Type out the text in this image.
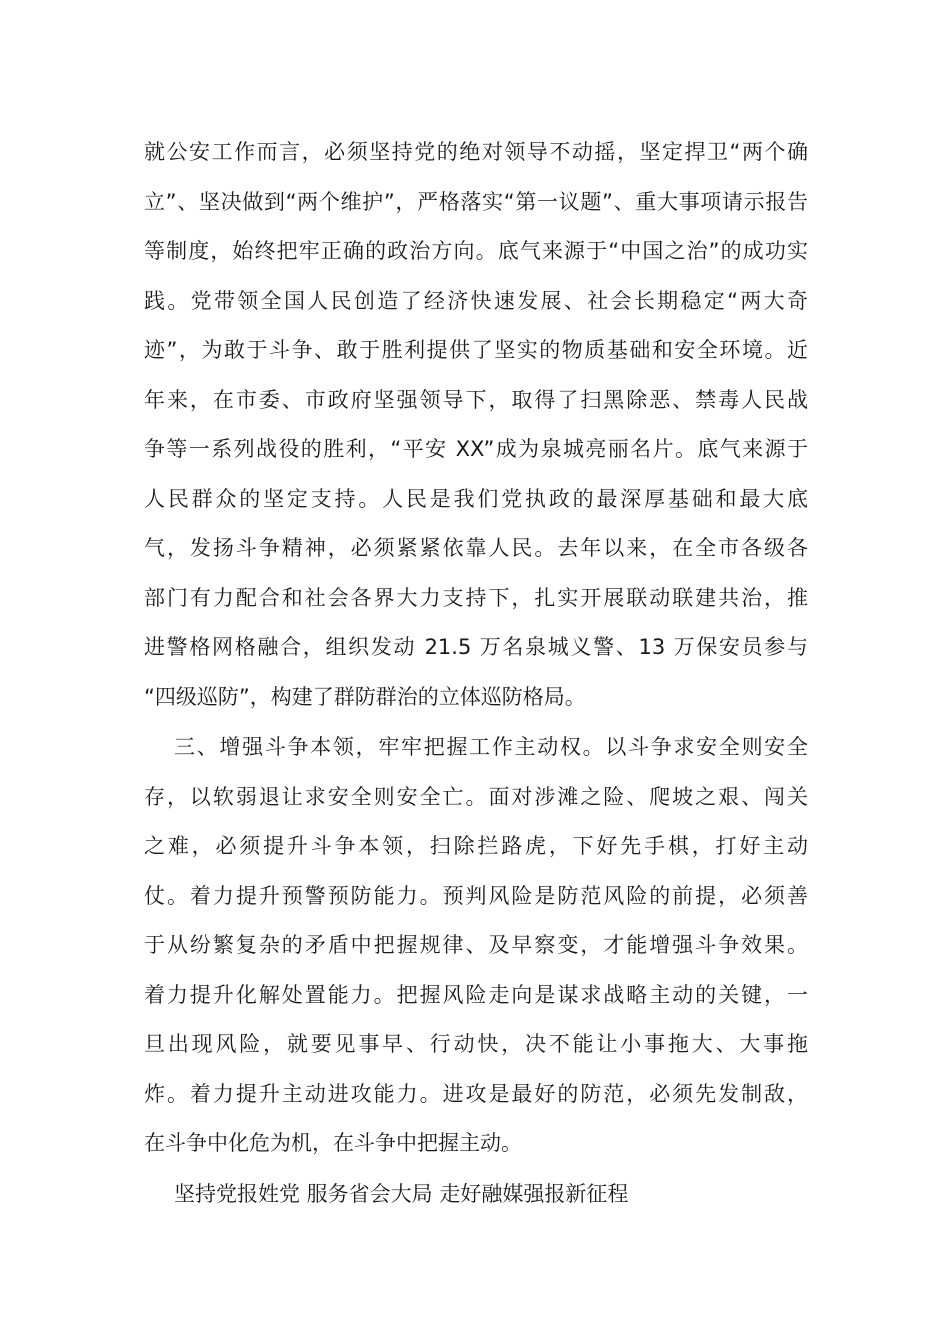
就公安工作而言，必须坚持党的绝对领导不动摇，坚定捍卫“两个确
立”、坚决做到“两个维护”，严格落实“第一议题”、重大事项请示报告
等制度，始终把牢正确的政治方向。底气来源于“中国之治”的成功实
践。党带领全国人民创造了经济快速发展、社会长期稳定“两大奇
迹”，为敢于斗争、敢于胜利提供了坚实的物质基础和安全环境。近
年来，在市委、市政府坚强领导下，取得了扫黑除恶、禁毒人民战
争等一系列战役的胜利，“平安 XX”成为泉城亮丽名片。底气来源于
人民群众的坚定支持。人民是我们党执政的最深厚基础和最大底
气，发扬斗争精神，必须紧紧依靠人民。去年以来，在全市各级各
部门有力配合和社会各界大力支持下，扎实开展联动联建共治，推
进警格网格融合，组织发动 21.5 万名泉城义警、13 万保安员参与
“四级巡防”，构建了群防群治的立体巡防格局。
三、增强斗争本领，牢牢把握工作主动权。以斗争求安全则安全
存，以软弱退让求安全则安全亡。面对涉滩之险、爬坡之艰、闯关
之难，必须提升斗争本领，扫除拦路虎，下好先手棋，打好主动
仗。着力提升预警预防能力。预判风险是防范风险的前提，必须善
于从纷繁复杂的矛盾中把握规律、及早察变，才能增强斗争效果。
着力提升化解处置能力。把握风险走向是谋求战略主动的关键，一
旦出现风险，就要见事早、行动快，决不能让小事拖大、大事拖
炸。着力提升主动进攻能力。进攻是最好的防范，必须先发制敌，
在斗争中化危为机，在斗争中把握主动。
坚持党报姓党 服务省会大局 走好融媒强报新征程
